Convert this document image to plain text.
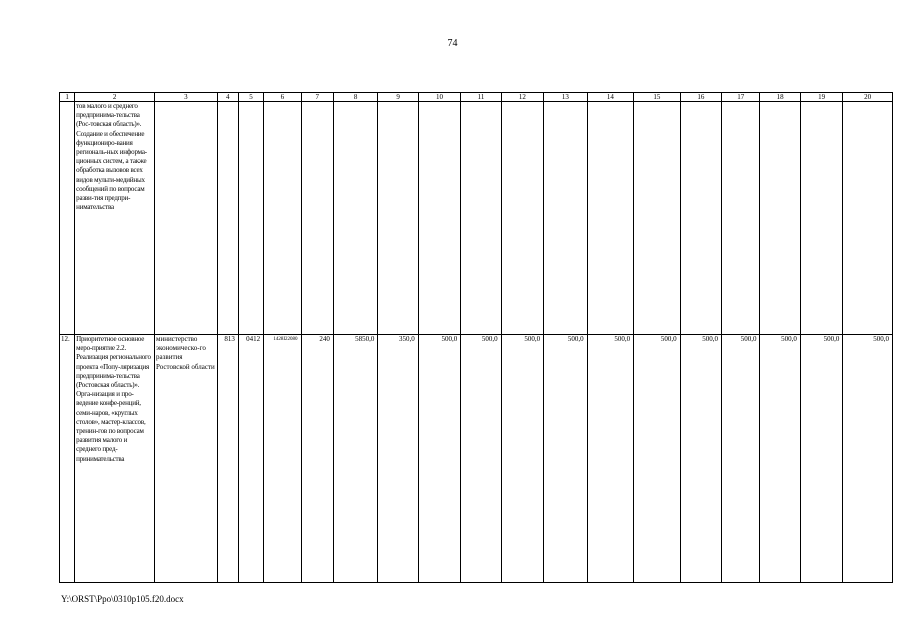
74
1	2	3	4	5	6	7	8	9	10	11	12	13	14	15	16	17	18	19	20
	тов малого и среднего предпринима-тельства (Рос-товская область)». Создание и обеспечение функциониро-вания региональ-ных информа-ционных систем, а также обработка вызовов всех видов мульти-медийных сообщений по вопросам разви-тия предпри-нимательства																		
12.	Приоритетное основное меро-приятие 2.2. Реализация регионального проекта «Попу-ляризация предпринима-тельства (Ростовская область)». Орга-низация и про-ведение конфе-ренций, семи-наров, «круглых столов», мастер-классов, тренин-гов по вопросам развития малого и среднего пред-принимательства	министерство экономическо-го развития Ростовской области	813	0412	1428I22080	240	5850,0	350,0	500,0	500,0	500,0	500,0	500,0	500,0	500,0	500,0	500,0	500,0	500,0
Y:\ORST\Ppo\0310p105.f20.docx
